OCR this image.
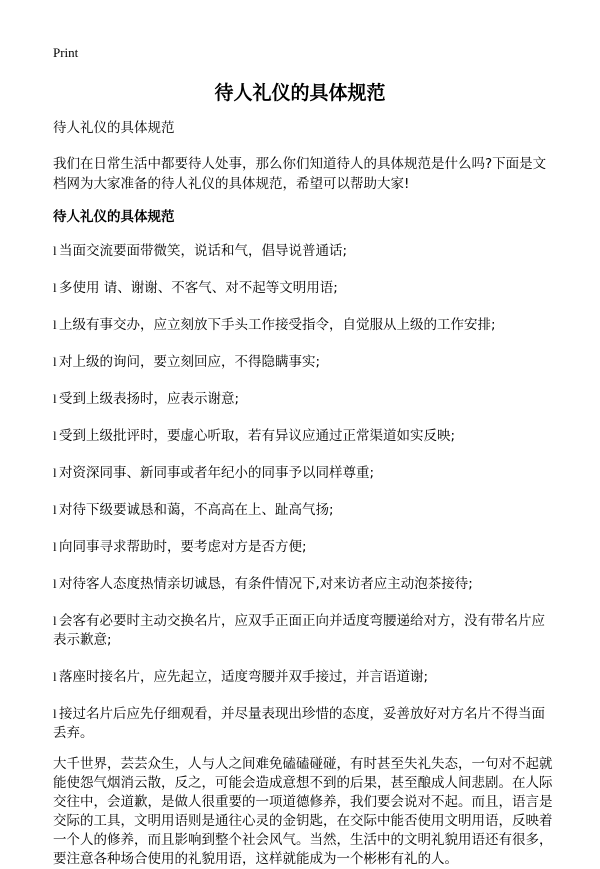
Print
待人礼仪的具体规范

待人礼仪的具体规范

我们在日常生活中都要待人处事，那么你们知道待人的具体规范是什么吗?下面是文档网为大家准备的待人礼仪的具体规范，希望可以帮助大家!

待人礼仪的具体规范

l 当面交流要面带微笑，说话和气，倡导说普通话;
l 多使用 请、谢谢、不客气、对不起等文明用语;
l 上级有事交办，应立刻放下手头工作接受指令，自觉服从上级的工作安排;
l 对上级的询问，要立刻回应，不得隐瞒事实;
l 受到上级表扬时，应表示谢意;
l 受到上级批评时，要虚心听取，若有异议应通过正常渠道如实反映;
l 对资深同事、新同事或者年纪小的同事予以同样尊重;
l 对待下级要诚恳和蔼，不高高在上、趾高气扬;
l 向同事寻求帮助时，要考虑对方是否方便;
l 对待客人态度热情亲切诚恳，有条件情况下,对来访者应主动泡茶接待;
l 会客有必要时主动交换名片，应双手正面正向并适度弯腰递给对方，没有带名片应表示歉意;
l 落座时接名片，应先起立，适度弯腰并双手接过，并言语道谢;
l 接过名片后应先仔细观看，并尽量表现出珍惜的态度，妥善放好对方名片不得当面丢弃。

大千世界，芸芸众生，人与人之间难免磕磕碰碰，有时甚至失礼失态，一句对不起就能使怨气烟消云散，反之，可能会造成意想不到的后果，甚至酿成人间悲剧。在人际交往中，会道歉，是做人很重要的一项道德修养，我们要会说对不起。而且，语言是交际的工具，文明用语则是通往心灵的金钥匙，在交际中能否使用文明用语，反映着一个人的修养，而且影响到整个社会风气。当然，生活中的文明礼貌用语还有很多，要注意各种场合使用的礼貌用语，这样就能成为一个彬彬有礼的人。
